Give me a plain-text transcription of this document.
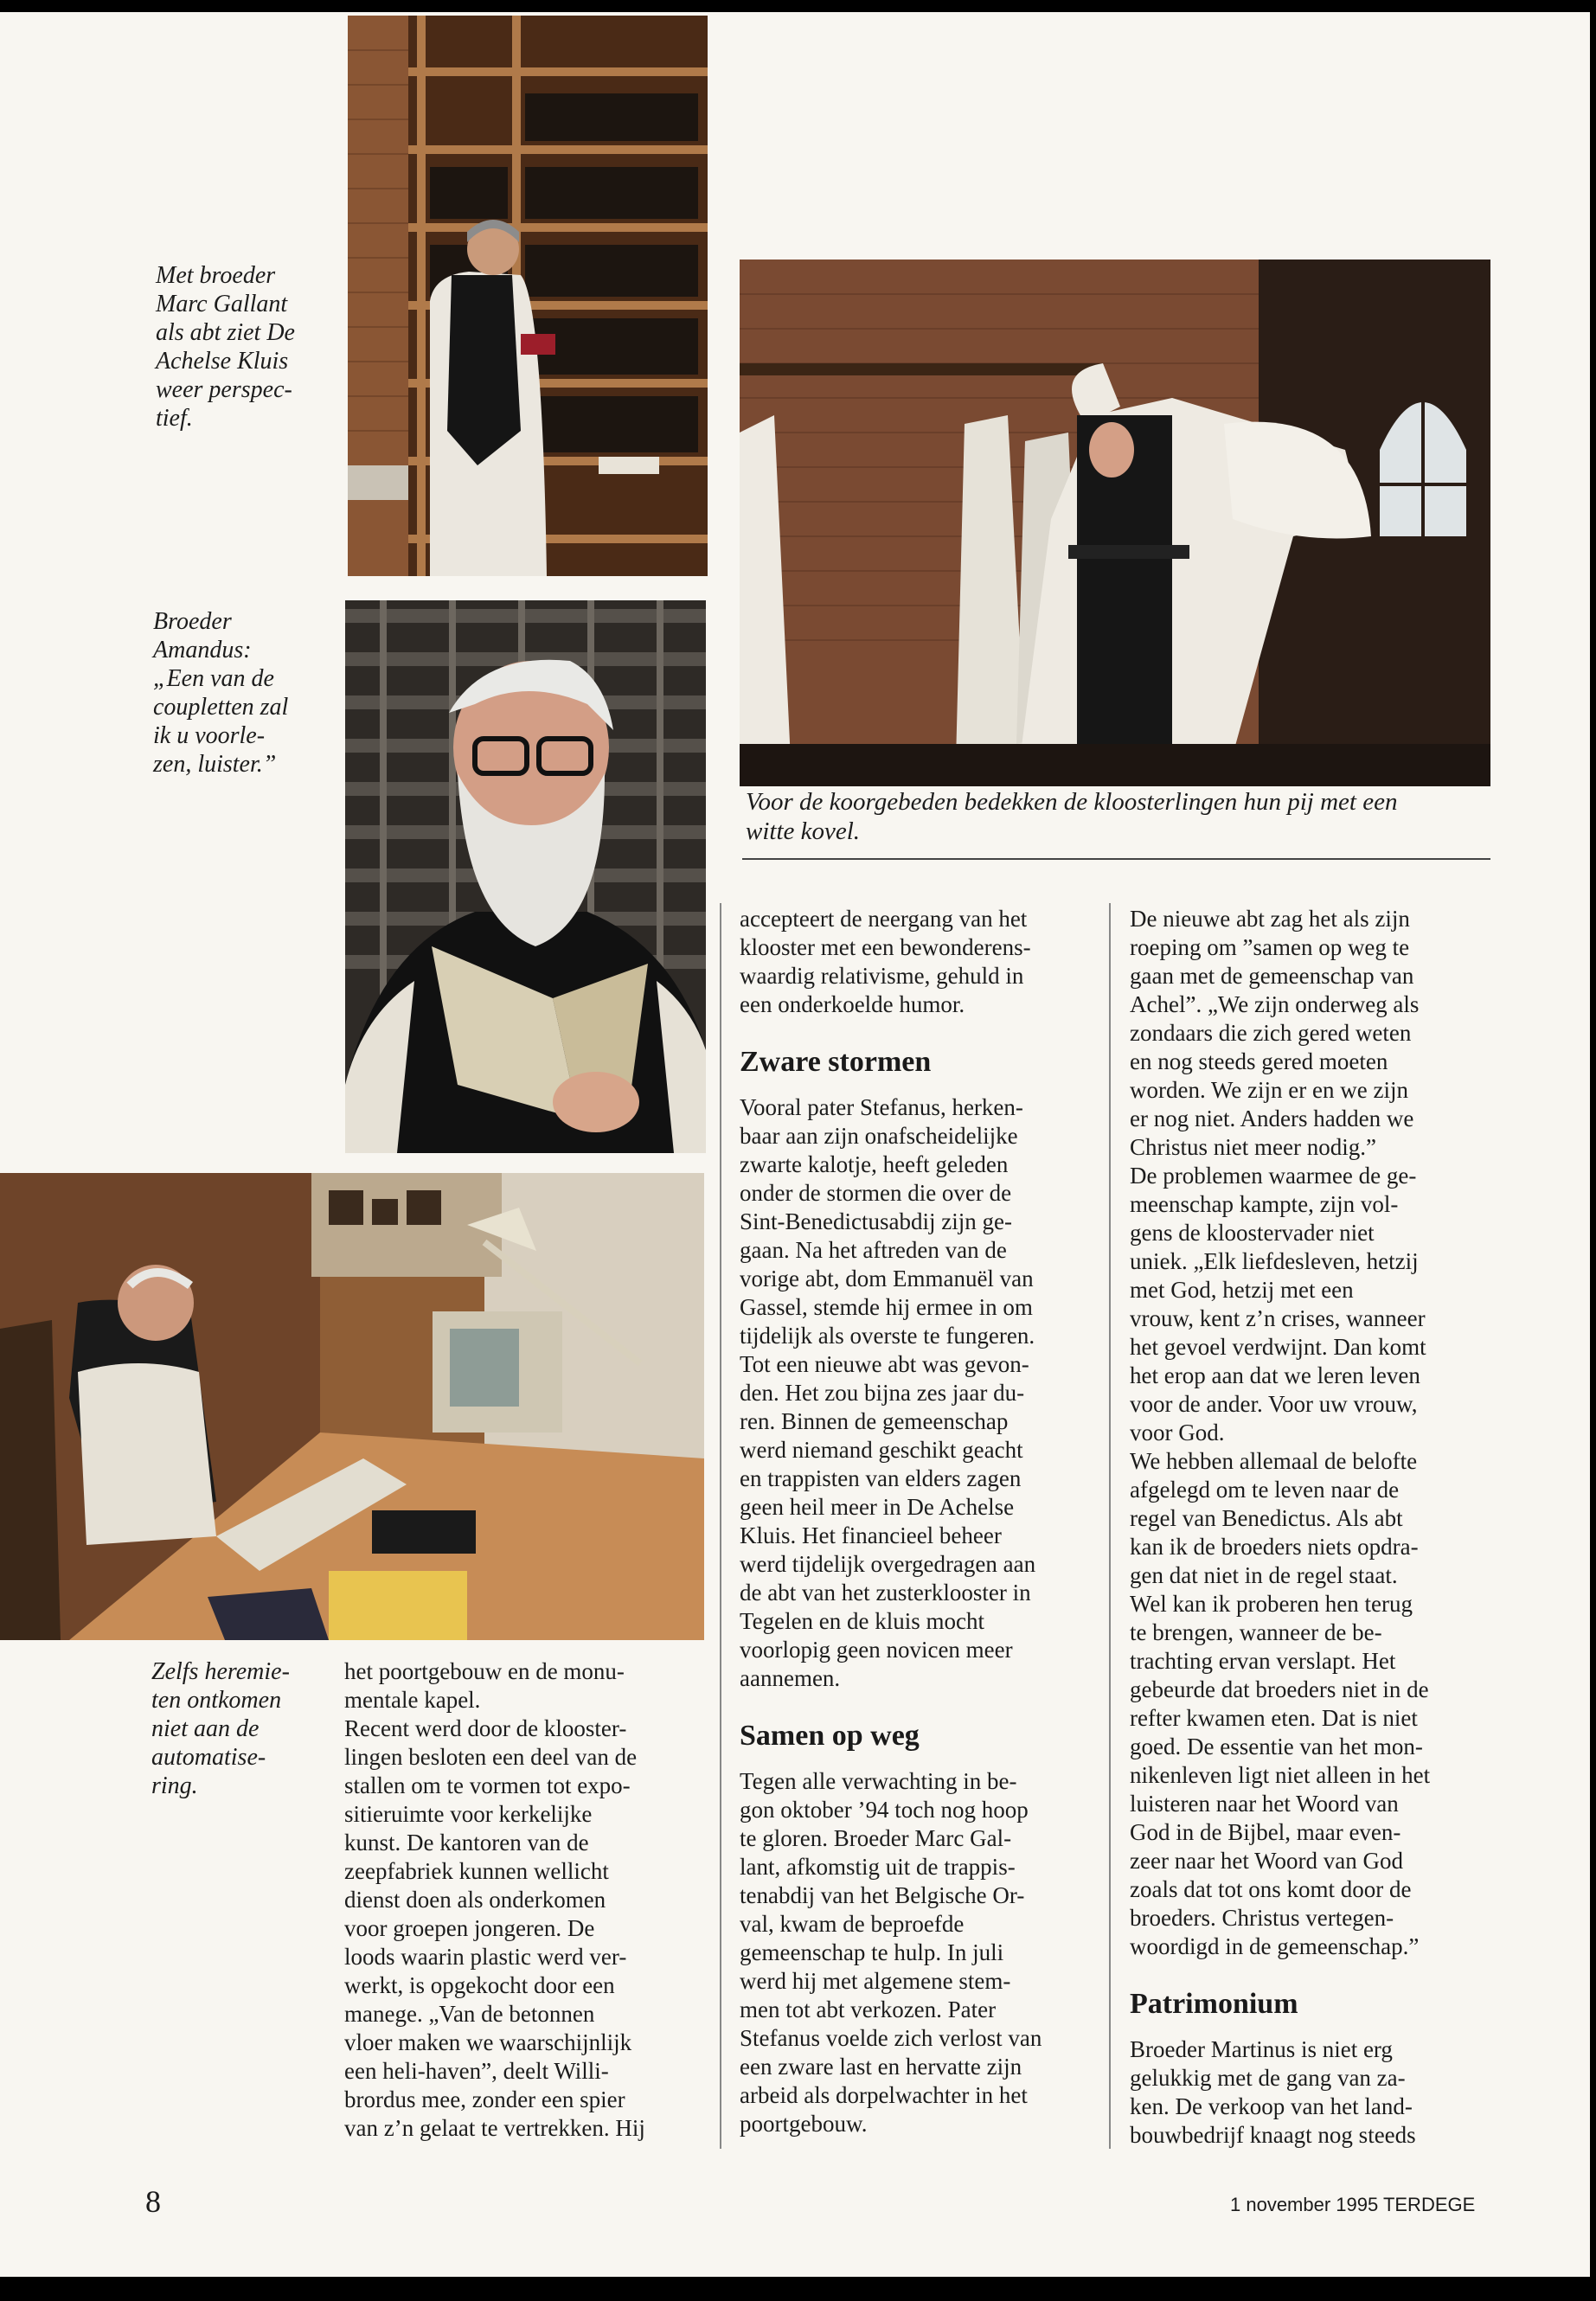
Met broeder
Marc Gallant
als abt ziet De
Achelse Kluis
weer perspec-
tief.
Broeder
Amandus:
„Een van de
coupletten zal
ik u voorle-
zen, luister.”
Zelfs heremie-
ten ontkomen
niet aan de
automatise-
ring.
Voor de koorgebeden bedekken de kloosterlingen hun pij met een
witte kovel.
het poortgebouw en de monu-
mentale kapel.
Recent werd door de klooster-
lingen besloten een deel van de
stallen om te vormen tot expo-
sitieruimte voor kerkelijke
kunst. De kantoren van de
zeepfabriek kunnen wellicht
dienst doen als onderkomen
voor groepen jongeren. De
loods waarin plastic werd ver-
werkt, is opgekocht door een
manege. „Van de betonnen
vloer maken we waarschijnlijk
een heli-haven”, deelt Willi-
brordus mee, zonder een spier
van z’n gelaat te vertrekken. Hij
accepteert de neergang van het
klooster met een bewonderens-
waardig relativisme, gehuld in
een onderkoelde humor.
Zware stormen
Vooral pater Stefanus, herken-
baar aan zijn onafscheidelijke
zwarte kalotje, heeft geleden
onder de stormen die over de
Sint-Benedictusabdij zijn ge-
gaan. Na het aftreden van de
vorige abt, dom Emmanuël van
Gassel, stemde hij ermee in om
tijdelijk als overste te fungeren.
Tot een nieuwe abt was gevon-
den. Het zou bijna zes jaar du-
ren. Binnen de gemeenschap
werd niemand geschikt geacht
en trappisten van elders zagen
geen heil meer in De Achelse
Kluis. Het financieel beheer
werd tijdelijk overgedragen aan
de abt van het zusterklooster in
Tegelen en de kluis mocht
voorlopig geen novicen meer
aannemen.
Samen op weg
Tegen alle verwachting in be-
gon oktober ’94 toch nog hoop
te gloren. Broeder Marc Gal-
lant, afkomstig uit de trappis-
tenabdij van het Belgische Or-
val, kwam de beproefde
gemeenschap te hulp. In juli
werd hij met algemene stem-
men tot abt verkozen. Pater
Stefanus voelde zich verlost van
een zware last en hervatte zijn
arbeid als dorpelwachter in het
poortgebouw.
De nieuwe abt zag het als zijn
roeping om ”samen op weg te
gaan met de gemeenschap van
Achel”. „We zijn onderweg als
zondaars die zich gered weten
en nog steeds gered moeten
worden. We zijn er en we zijn
er nog niet. Anders hadden we
Christus niet meer nodig.”
De problemen waarmee de ge-
meenschap kampte, zijn vol-
gens de kloostervader niet
uniek. „Elk liefdesleven, hetzij
met God, hetzij met een
vrouw, kent z’n crises, wanneer
het gevoel verdwijnt. Dan komt
het erop aan dat we leren leven
voor de ander. Voor uw vrouw,
voor God.
We hebben allemaal de belofte
afgelegd om te leven naar de
regel van Benedictus. Als abt
kan ik de broeders niets opdra-
gen dat niet in de regel staat.
Wel kan ik proberen hen terug
te brengen, wanneer de be-
trachting ervan verslapt. Het
gebeurde dat broeders niet in de
refter kwamen eten. Dat is niet
goed. De essentie van het mon-
nikenleven ligt niet alleen in het
luisteren naar het Woord van
God in de Bijbel, maar even-
zeer naar het Woord van God
zoals dat tot ons komt door de
broeders. Christus vertegen-
woordigd in de gemeenschap.”
Patrimonium
Broeder Martinus is niet erg
gelukkig met de gang van za-
ken. De verkoop van het land-
bouwbedrijf knaagt nog steeds
8	1 november 1995 TERDEGE
